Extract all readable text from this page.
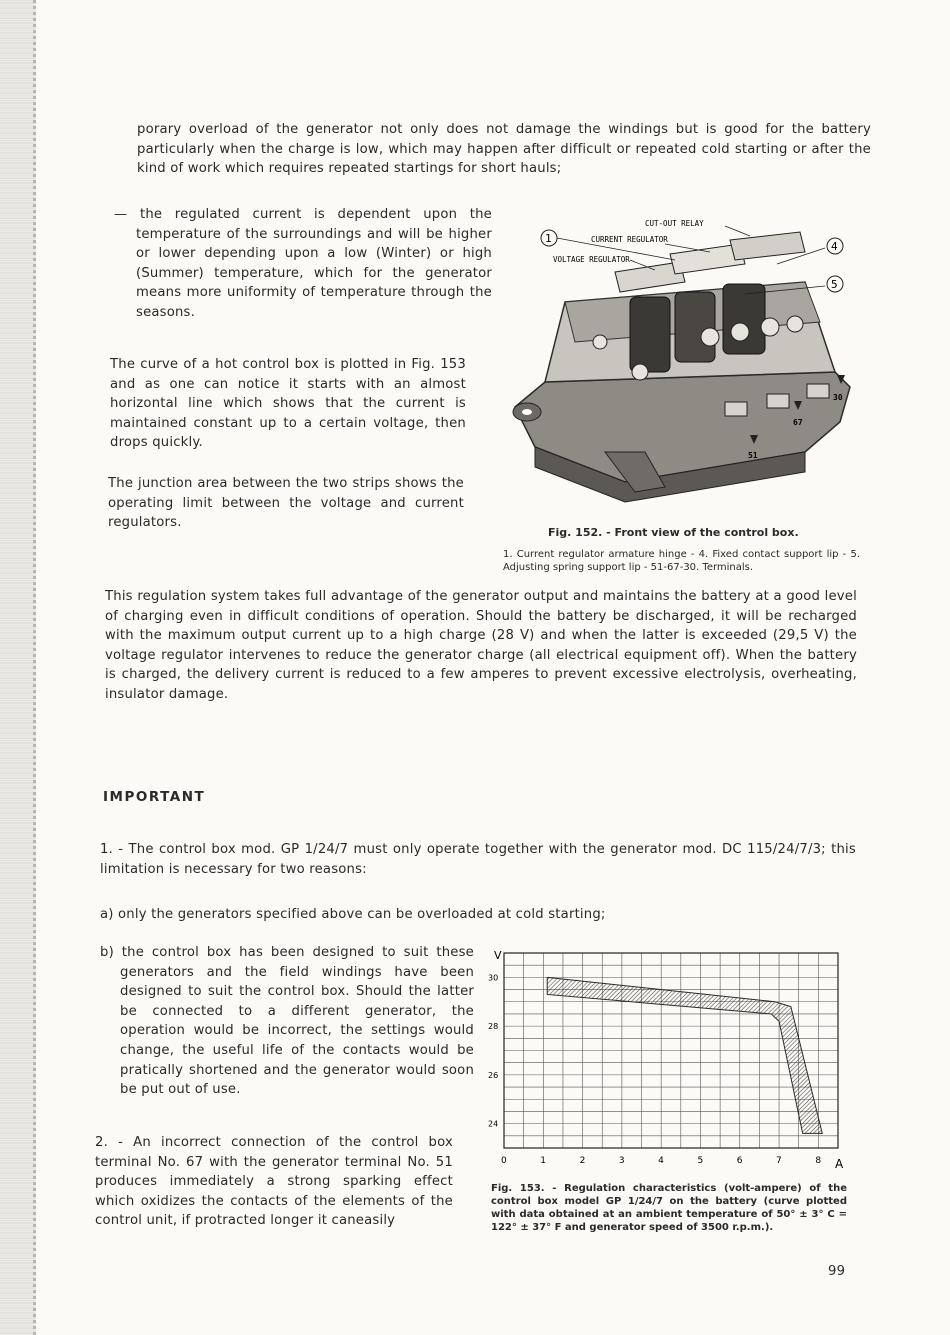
porary overload of the generator not only does not damage the windings but is good for the battery particularly when the charge is low, which may happen after difficult or repeated cold starting or after the kind of work which requires repeated startings for short hauls;
— the regulated current is dependent upon the temperature of the surroundings and will be higher or lower depending upon a low (Winter) or high (Summer) temperature, which for the generator means more uniformity of temperature through the seasons.
The curve of a hot control box is plotted in Fig. 153 and as one can notice it starts with an almost horizontal line which shows that the current is maintained constant up to a certain voltage, then drops quickly.
The junction area between the two strips shows the operating limit between the voltage and current regulators.
1
4
5
CUT-OUT RELAY
CURRENT REGULATOR
VOLTAGE REGULATOR
30
67
51
Fig. 152. - Front view of the control box.
1. Current regulator armature hinge - 4. Fixed contact support lip - 5. Adjusting spring support lip - 51-67-30. Terminals.
This regulation system takes full advantage of the generator output and maintains the battery at a good level of charging even in difficult conditions of operation. Should the battery be discharged, it will be recharged with the maximum output current up to a high charge (28 V) and when the latter is exceeded (29,5 V) the voltage regulator intervenes to reduce the generator charge (all electrical equipment off). When the battery is charged, the delivery current is reduced to a few amperes to prevent excessive electrolysis, overheating, insulator damage.
IMPORTANT
1. - The control box mod. GP 1/24/7 must only operate together with the generator mod. DC 115/24/7/3; this limitation is necessary for two reasons:
a) only the generators specified above can be overloaded at cold starting;
b) the control box has been designed to suit these generators and the field windings have been designed to suit the control box. Should the latter be connected to a different generator, the operation would be incorrect, the settings would change, the useful life of the contacts would be pratically shortened and the generator would soon be put out of use.
2. - An incorrect connection of the control box terminal No. 67 with the generator terminal No. 51 produces immediately a strong sparking effect which oxidizes the contacts of the elements of the control unit, if protracted longer it caneasily
0	1	2	3	4	5	6	7	8
24
26
28
30
V
A
Fig. 153. - Regulation characteristics (volt-ampere) of the control box model GP 1/24/7 on the battery (curve plotted with data obtained at an ambient temperature of 50° ± 3° C = 122° ± 37° F and generator speed of 3500 r.p.m.).
99
